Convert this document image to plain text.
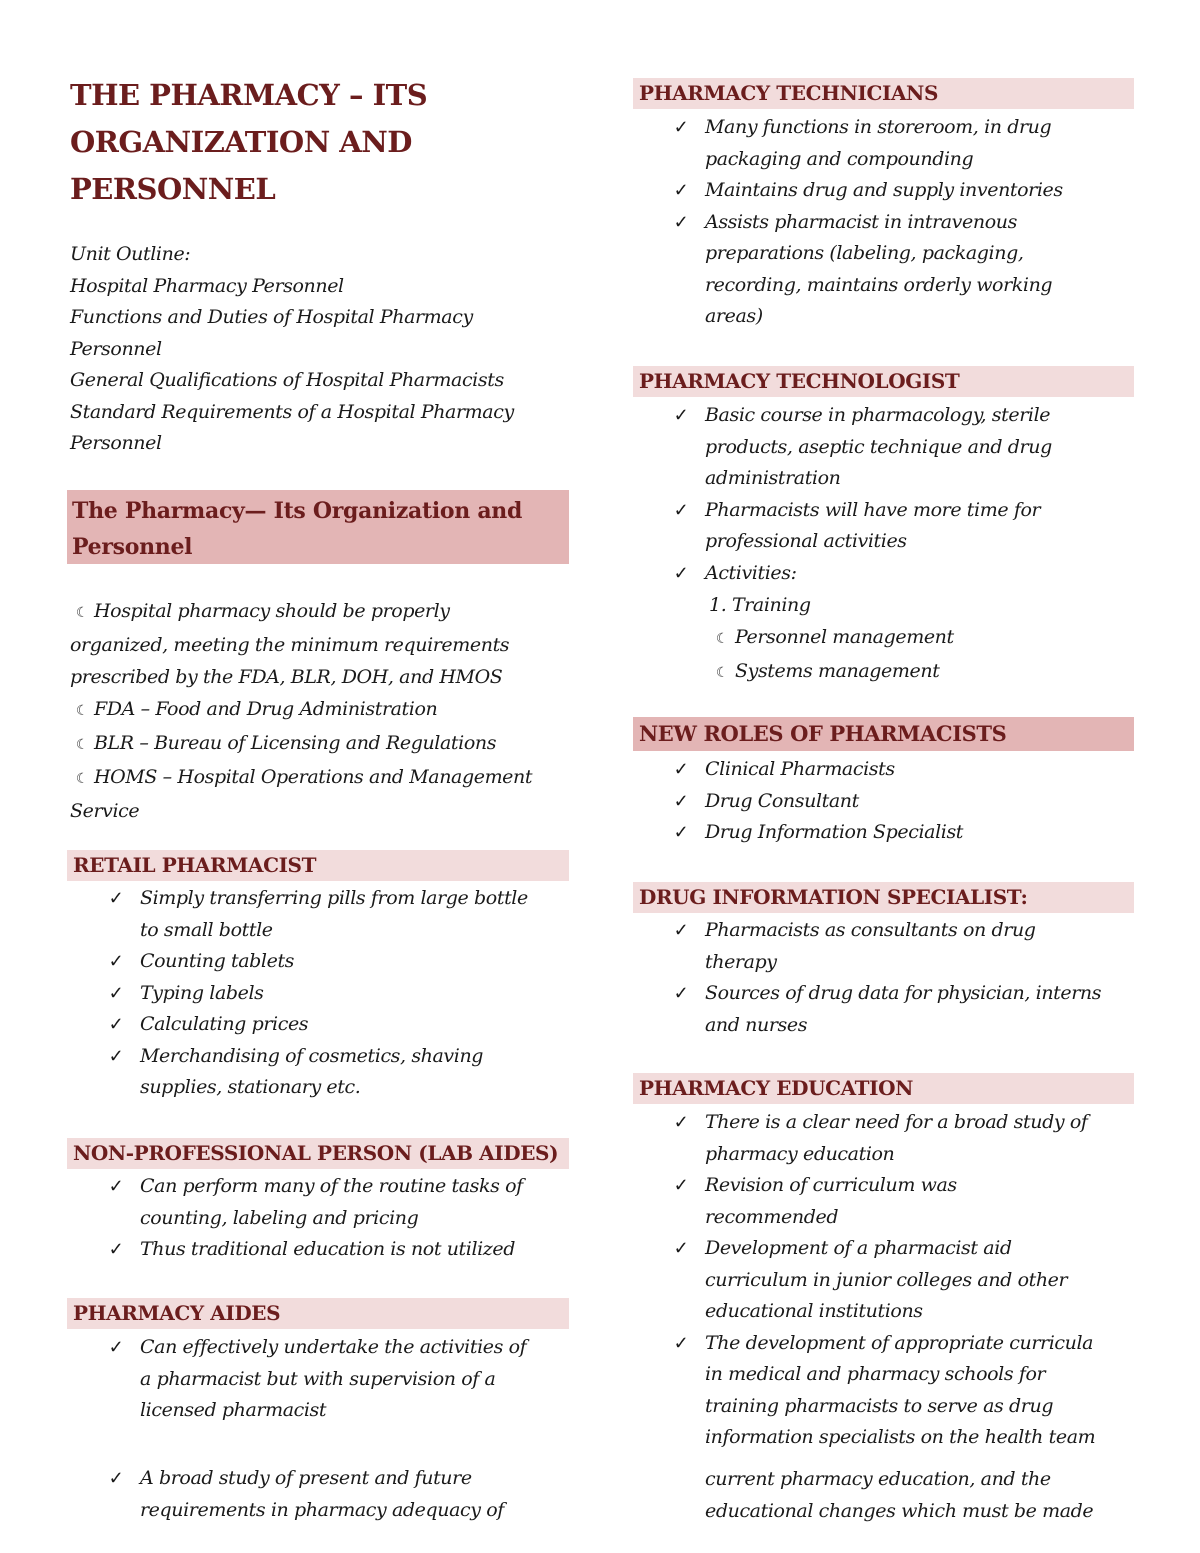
THE PHARMACY – ITS
ORGANIZATION AND
PERSONNEL
Unit Outline:
Hospital Pharmacy Personnel
Functions and Duties of Hospital Pharmacy
Personnel
General Qualifications of Hospital Pharmacists
Standard Requirements of a Hospital Pharmacy
Personnel
The Pharmacy— Its Organization and
Personnel
☾ Hospital pharmacy should be properly
organized, meeting the minimum requirements
prescribed by the FDA, BLR, DOH, and HMOS
☾ FDA – Food and Drug Administration
☾ BLR – Bureau of Licensing and Regulations
☾ HOMS – Hospital Operations and Management
Service
RETAIL PHARMACIST
✓ Simply transferring pills from large bottle
to small bottle
✓ Counting tablets
✓ Typing labels
✓ Calculating prices
✓ Merchandising of cosmetics, shaving
supplies, stationary etc.
NON-PROFESSIONAL PERSON (LAB AIDES)
✓ Can perform many of the routine tasks of
counting, labeling and pricing
✓ Thus traditional education is not utilized
PHARMACY AIDES
✓ Can effectively undertake the activities of
a pharmacist but with supervision of a
licensed pharmacist
✓ A broad study of present and future
requirements in pharmacy adequacy of
PHARMACY TECHNICIANS
✓ Many functions in storeroom, in drug
packaging and compounding
✓ Maintains drug and supply inventories
✓ Assists pharmacist in intravenous
preparations (labeling, packaging,
recording, maintains orderly working
areas)
PHARMACY TECHNOLOGIST
✓ Basic course in pharmacology, sterile
products, aseptic technique and drug
administration
✓ Pharmacists will have more time for
professional activities
✓ Activities:
1. Training
☾ Personnel management
☾ Systems management
NEW ROLES OF PHARMACISTS
✓ Clinical Pharmacists
✓ Drug Consultant
✓ Drug Information Specialist
DRUG INFORMATION SPECIALIST:
✓ Pharmacists as consultants on drug
therapy
✓ Sources of drug data for physician, interns
and nurses
PHARMACY EDUCATION
✓ There is a clear need for a broad study of
pharmacy education
✓ Revision of curriculum was
recommended
✓ Development of a pharmacist aid
curriculum in junior colleges and other
educational institutions
✓ The development of appropriate curricula
in medical and pharmacy schools for
training pharmacists to serve as drug
information specialists on the health team
current pharmacy education, and the
educational changes which must be made
